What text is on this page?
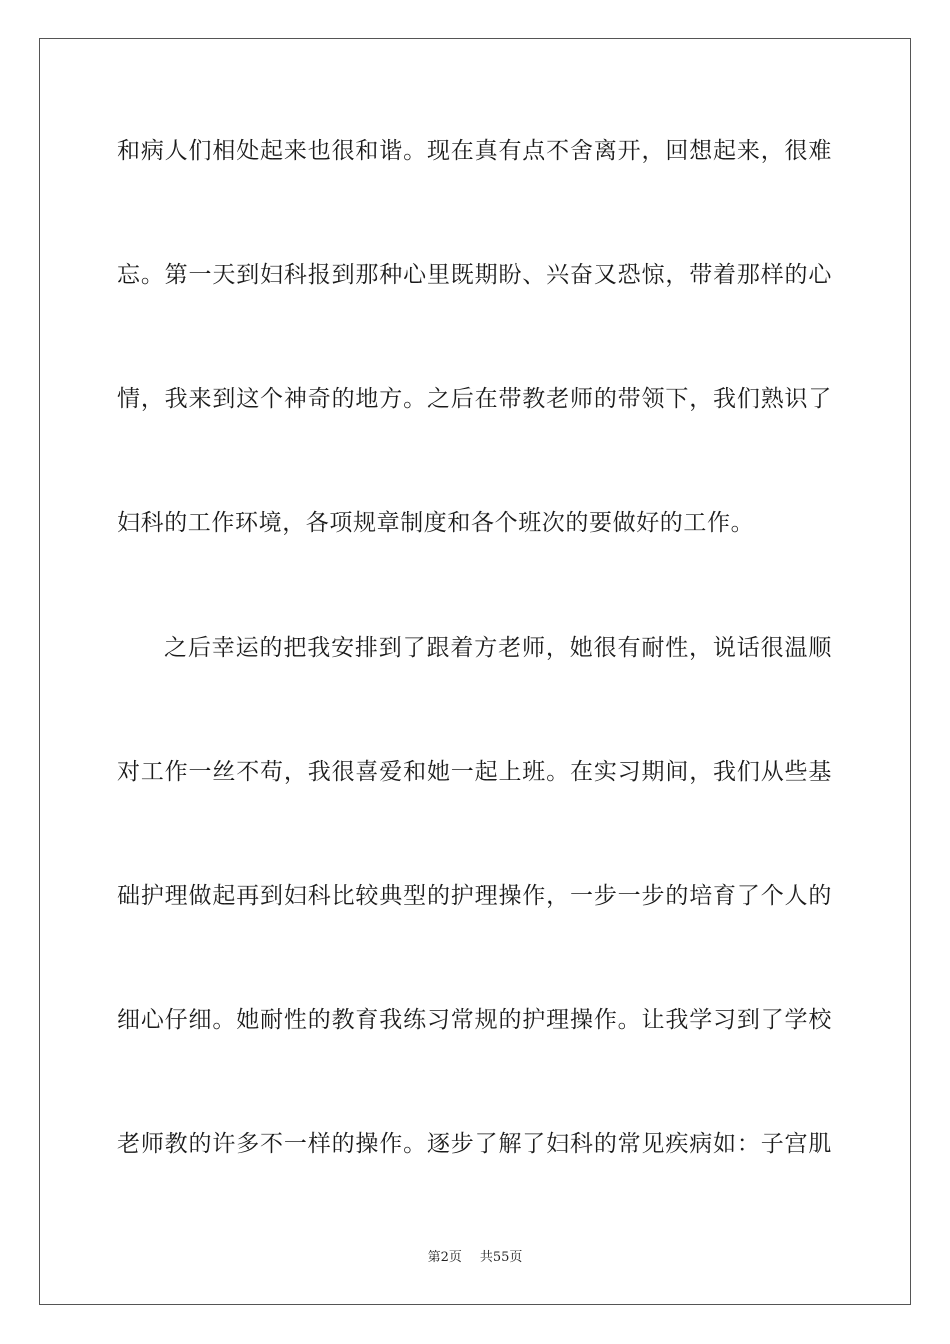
和病人们相处起来也很和谐。现在真有点不舍离开，回想起来，很难
忘。第一天到妇科报到那种心里既期盼、兴奋又恐惊，带着那样的心
情，我来到这个神奇的地方。之后在带教老师的带领下，我们熟识了
妇科的工作环境，各项规章制度和各个班次的要做好的工作。
之后幸运的把我安排到了跟着方老师，她很有耐性，说话很温顺
对工作一丝不苟，我很喜爱和她一起上班。在实习期间，我们从些基
础护理做起再到妇科比较典型的护理操作，一步一步的培育了个人的
细心仔细。她耐性的教育我练习常规的护理操作。让我学习到了学校
老师教的许多不一样的操作。逐步了解了妇科的常见疾病如：子宫肌
第2页 共55页
